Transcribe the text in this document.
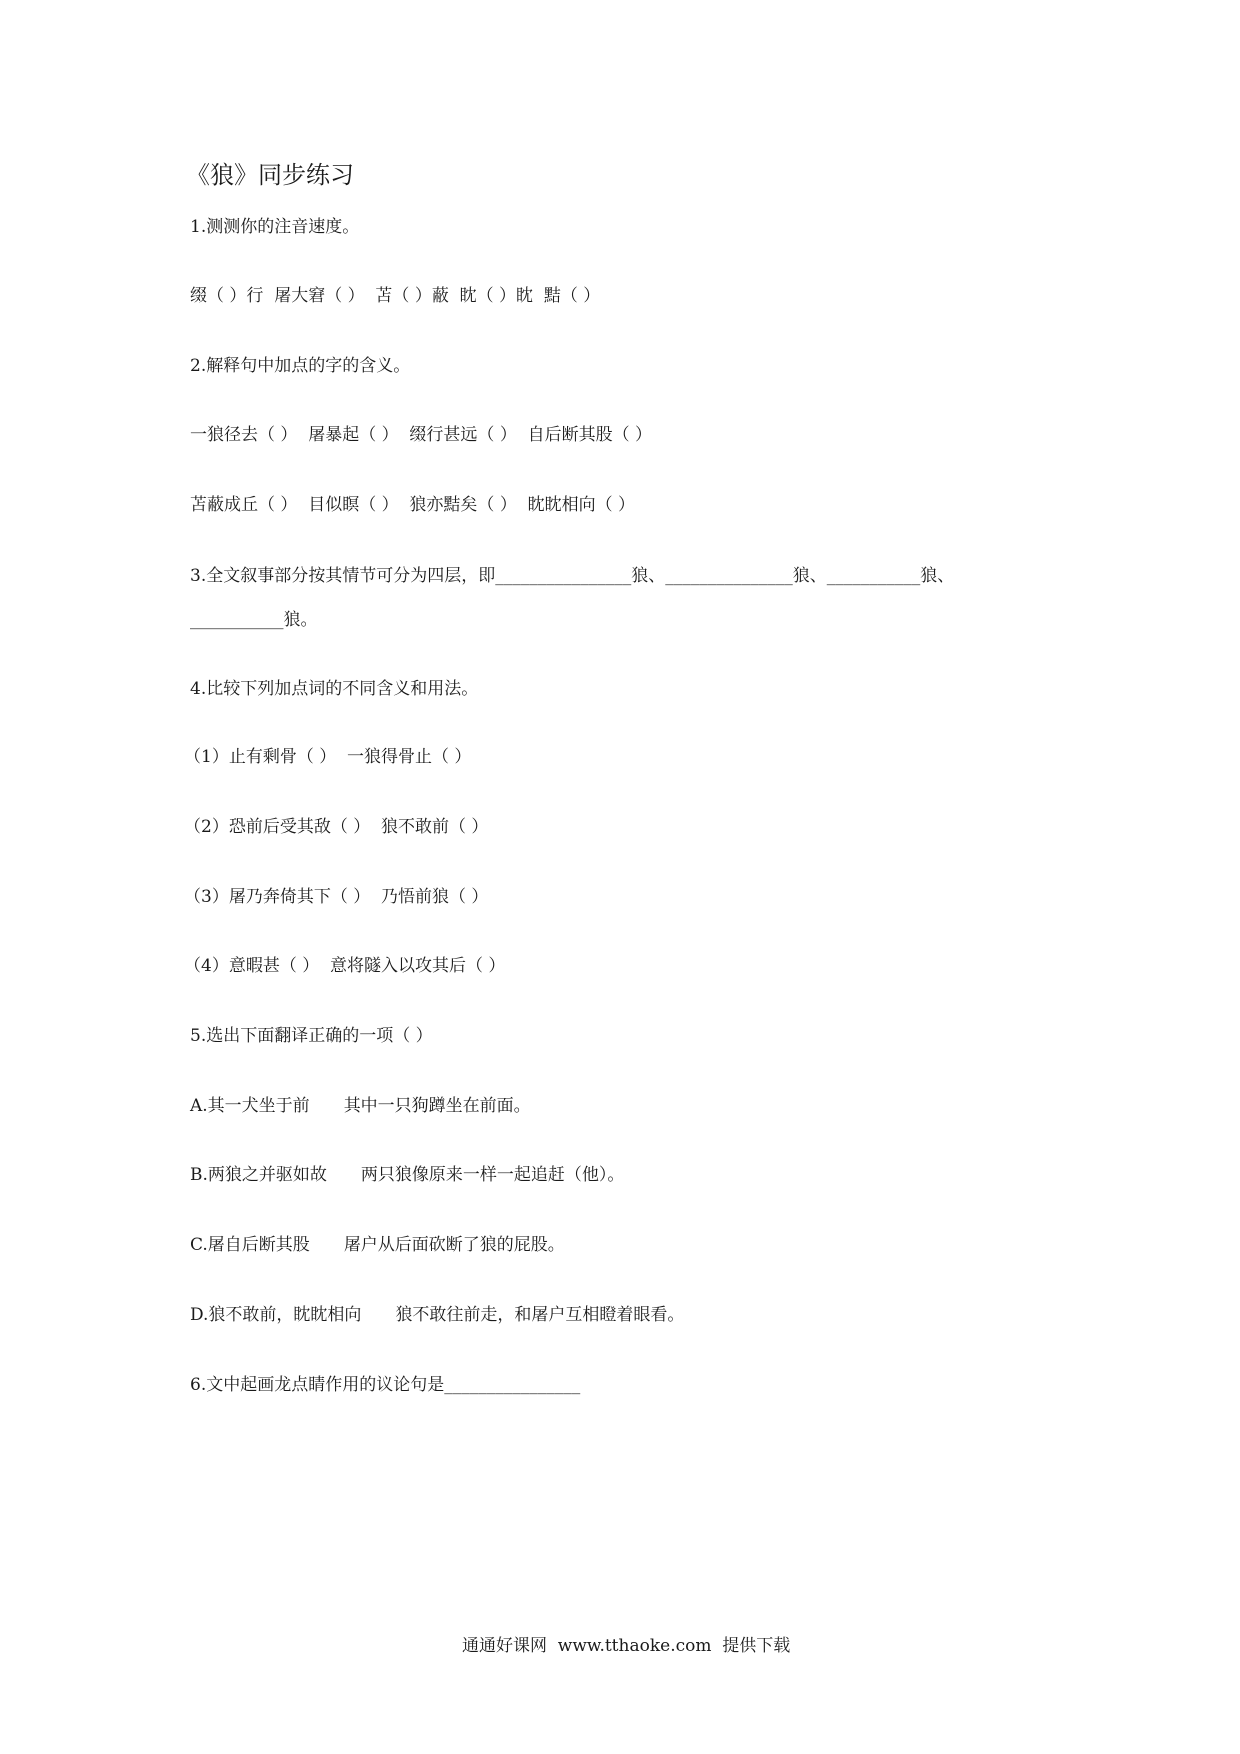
《狼》同步练习
1.测测你的注音速度。
缀（ ）行  屠大窘（ ）  苫（ ）蔽  眈（ ）眈  黠（ ）
2.解释句中加点的字的含义。
一狼径去（ ）  屠暴起（ ）  缀行甚远（ ）  自后断其股（ ）
苫蔽成丘（ ）  目似瞑（ ）  狼亦黠矣（ ）  眈眈相向（ ）
3.全文叙事部分按其情节可分为四层，即________________狼、_______________狼、___________狼、
___________狼。
4.比较下列加点词的不同含义和用法。
（1）止有剩骨（ ）  一狼得骨止（ ）
（2）恐前后受其敌（ ）  狼不敢前（ ）
（3）屠乃奔倚其下（ ）  乃悟前狼（ ）
（4）意暇甚（ ）  意将隧入以攻其后（ ）
5.选出下面翻译正确的一项（ ）
A.其一犬坐于前 其中一只狗蹲坐在前面。
B.两狼之并驱如故 两只狼像原来一样一起追赶（他）。
C.屠自后断其股 屠户从后面砍断了狼的屁股。
D.狼不敢前，眈眈相向 狼不敢往前走，和屠户互相瞪着眼看。
6.文中起画龙点睛作用的议论句是________________
通通好课网  www.tthaoke.com  提供下载
